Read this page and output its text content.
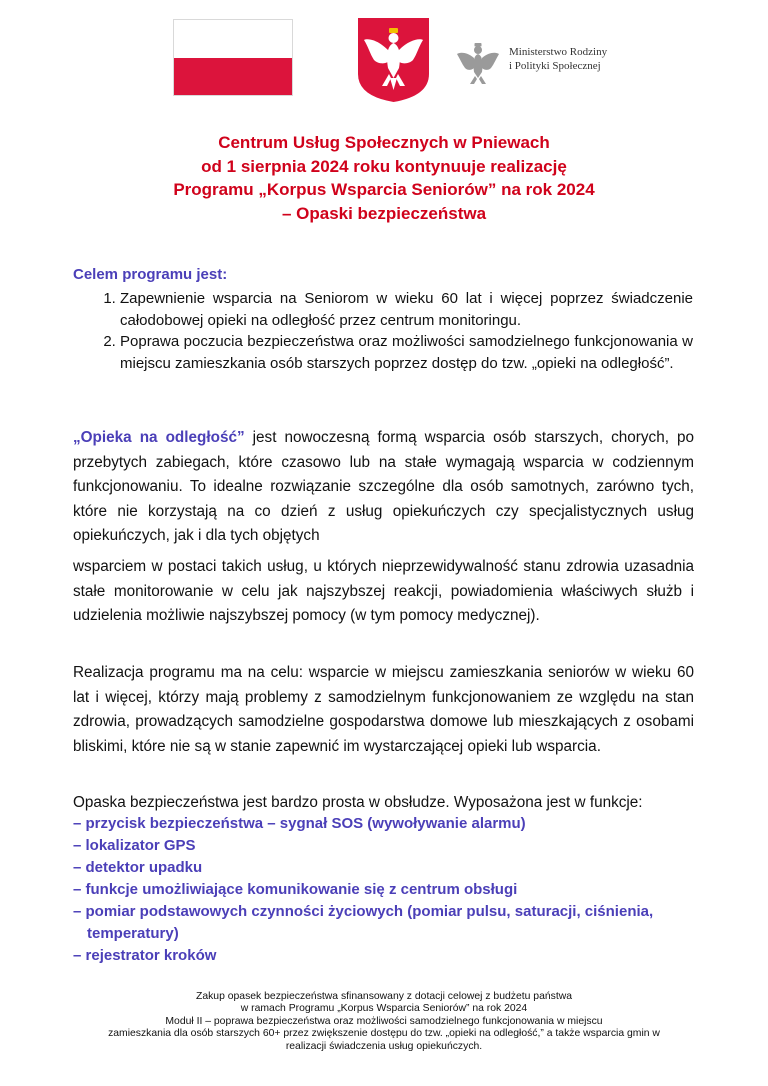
Ministerstwo Rodziny
i Polityki Społecznej
Centrum Usług Społecznych w Pniewach
od 1 sierpnia 2024 roku kontynuuje realizację
Programu „Korpus Wsparcia Seniorów” na rok 2024
– Opaski bezpieczeństwa
Celem programu jest:
1. Zapewnienie wsparcia na Seniorom w wieku 60 lat i więcej poprzez świadczenie całodobowej opieki na odległość przez centrum monitoringu.
2. Poprawa poczucia bezpieczeństwa oraz możliwości samodzielnego funkcjonowania w miejscu zamieszkania osób starszych poprzez dostęp do tzw. „opieki na odległość”.

„Opieka na odległość” jest nowoczesną formą wsparcia osób starszych, chorych, po przebytych zabiegach, które czasowo lub na stałe wymagają wsparcia w codziennym funkcjonowaniu. To idealne rozwiązanie szczególne dla osób samotnych, zarówno tych, które nie korzystają na co dzień z usług opiekuńczych czy specjalistycznych usług opiekuńczych, jak i dla tych objętych

wsparciem w postaci takich usług, u których nieprzewidywalność stanu zdrowia uzasadnia stałe monitorowanie w celu jak najszybszej reakcji, powiadomienia właściwych służb i udzielenia możliwie najszybszej pomocy (w tym pomocy medycznej).

Realizacja programu ma na celu: wsparcie w miejscu zamieszkania seniorów w wieku 60 lat i więcej, którzy mają problemy z samodzielnym funkcjonowaniem ze względu na stan zdrowia, prowadzących samodzielne gospodarstwa domowe lub mieszkających z osobami bliskimi, które nie są w stanie zapewnić im wystarczającej opieki lub wsparcia.

Opaska bezpieczeństwa jest bardzo prosta w obsłudze. Wyposażona jest w funkcje:

– przycisk bezpieczeństwa – sygnał SOS (wywoływanie alarmu)
– lokalizator GPS
– detektor upadku
– funkcje umożliwiające komunikowanie się z centrum obsługi
– pomiar podstawowych czynności życiowych (pomiar pulsu, saturacji, ciśnienia, temperatury)
– rejestrator kroków
Zakup opasek bezpieczeństwa sfinansowany z dotacji celowej z budżetu państwa
w ramach Programu „Korpus Wsparcia Seniorów” na rok 2024
Moduł II – poprawa bezpieczeństwa oraz możliwości samodzielnego funkcjonowania w miejscu
zamieszkania dla osób starszych 60+ przez zwiększenie dostępu do tzw. „opieki na odległość,” a także wsparcia gmin w
realizacji świadczenia usług opiekuńczych.
